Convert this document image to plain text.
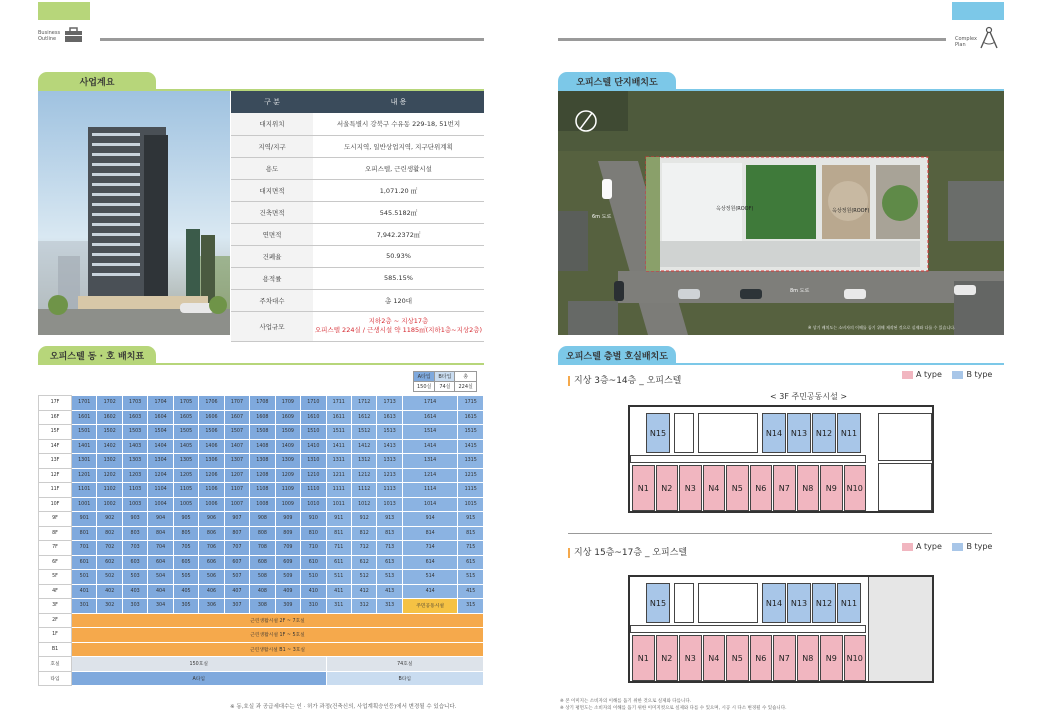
Business
Outline
사업계요
구 분	내 용
대지위치	서울특별시 강북구 수유동 229-18, 51번지
지역/지구	도시지역, 일반상업지역, 지구단위계획
용도	오피스텔, 근린생활시설
대지면적	1,071.20 ㎡
건축면적	545.5182㎡
연면적	7,942.2372㎡
건폐율	50.93%
용적률	585.15%
주차대수	총 120대
사업규모	지하2층 ~ 지상17층
오피스텔 224실 / 근생시설 약 1185㎡(지하1층~지상2층)
오피스텔 동 · 호 배치표
A타입	B타입	총
150실	74실	224실
17F	1701	1702	1703	1704	1705	1706	1707	1708	1709	1710	1711	1712	1713	1714	1715
16F	1601	1602	1603	1604	1605	1606	1607	1608	1609	1610	1611	1612	1613	1614	1615
15F	1501	1502	1503	1504	1505	1506	1507	1508	1509	1510	1511	1512	1513	1514	1515
14F	1401	1402	1403	1404	1405	1406	1407	1408	1409	1410	1411	1412	1413	1414	1415
13F	1301	1302	1303	1304	1305	1306	1307	1308	1309	1310	1311	1312	1313	1314	1315
12F	1201	1202	1203	1204	1205	1206	1207	1208	1209	1210	1211	1212	1213	1214	1215
11F	1101	1102	1103	1104	1105	1106	1107	1108	1109	1110	1111	1112	1113	1114	1115
10F	1001	1002	1003	1004	1005	1006	1007	1008	1009	1010	1011	1012	1013	1014	1015
9F	901	902	903	904	905	906	907	908	909	910	911	912	913	914	915
8F	801	802	803	804	805	806	807	808	809	810	811	812	813	814	815
7F	701	702	703	704	705	706	707	708	709	710	711	712	713	714	715
6F	601	602	603	604	605	606	607	608	609	610	611	612	613	614	615
5F	501	502	503	504	505	506	507	508	509	510	511	512	513	514	515
4F	401	402	403	404	405	406	407	408	409	410	411	412	413	414	415
3F	301	302	303	304	305	306	307	308	309	310	311	312	313	주민공동시설	315
2F	근린생활시설 2F ~ 7호실														
1F	근린생활시설 1F ~ 5호실														
B1	근린생활시설 B1 ~ 3호실														
호실	150호실										74호실				
타입	A타입										B타입				
※ 동,호실 과 공급세대수는 인 · 허가 과정(건축신의, 사업계획승인등)에서 변경될 수 있습니다.
Complex
Plan
오피스텔 단지배치도
옥상정원(ROOF)	옥상정원(ROOF)
8m 도로
6m 도로
※ 상기 배치도는 소비자의 이해를 돕기 위해 제작된 것으로 실제와 다를 수 있습니다.
오피스텔 층별 호실배치도
지상 3층~14층 _ 오피스텔
A type	B type
< 3F 주민공동시설 >
N15	N14	N13	N12	N11
N1	N2	N3	N4	N5	N6	N7	N8	N9	N10
지상 15층~17층 _ 오피스텔
A type	B type
N15	N14	N13	N12	N11
N1	N2	N3	N4	N5	N6	N7	N8	N9	N10
※ 본 이미지는 소비자의 이해를 돕기 위한 것으로 실제와 다를니다.
※ 상기 평면도는 소비자의 이해를 돕기 위한 이미지컷으로 실제와 다를 수 있으며, 시공 시 다소 변경될 수 있습니다.
